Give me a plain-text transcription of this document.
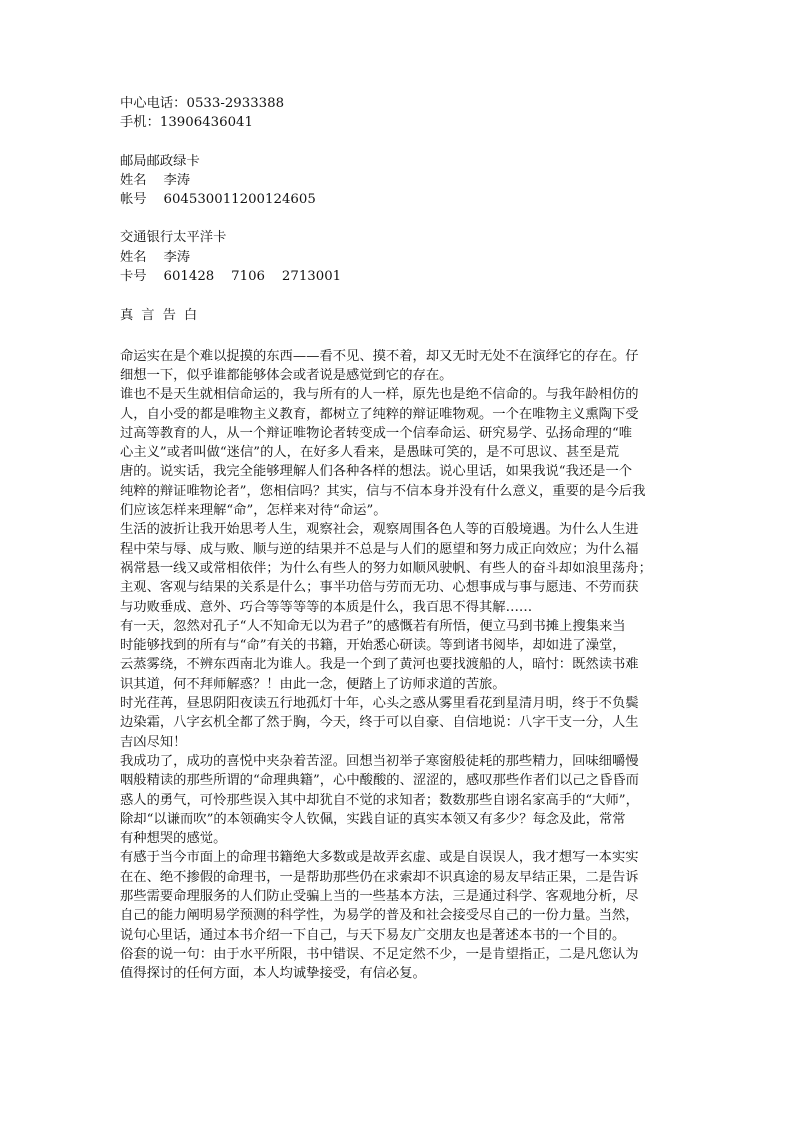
中心电话：0533-2933388
手机：13906436041
邮局邮政绿卡
姓名    李涛
帐号    604530011200124605
交通银行太平洋卡
姓名    李涛
卡号    601428    7106    2713001
真言告白
命运实在是个难以捉摸的东西——看不见、摸不着，却又无时无处不在演绎它的存在。仔
细想一下，似乎谁都能够体会或者说是感觉到它的存在。
谁也不是天生就相信命运的，我与所有的人一样，原先也是绝不信命的。与我年龄相仿的
人，自小受的都是唯物主义教育，都树立了纯粹的辩证唯物观。一个在唯物主义熏陶下受
过高等教育的人，从一个辩证唯物论者转变成一个信奉命运、研究易学、弘扬命理的“唯
心主义”或者叫做“迷信”的人，在好多人看来，是愚昧可笑的，是不可思议、甚至是荒
唐的。说实话，我完全能够理解人们各种各样的想法。说心里话，如果我说“我还是一个
纯粹的辩证唯物论者”，您相信吗？其实，信与不信本身并没有什么意义，重要的是今后我
们应该怎样来理解“命”，怎样来对待“命运”。
生活的波折让我开始思考人生，观察社会，观察周围各色人等的百般境遇。为什么人生进
程中荣与辱、成与败、顺与逆的结果并不总是与人们的愿望和努力成正向效应；为什么福
祸常悬一线又或常相依伴；为什么有些人的努力如顺风驶帆、有些人的奋斗却如浪里荡舟；
主观、客观与结果的关系是什么；事半功倍与劳而无功、心想事成与事与愿违、不劳而获
与功败垂成、意外、巧合等等等等的本质是什么，我百思不得其解……
有一天，忽然对孔子“人不知命无以为君子”的感慨若有所悟，便立马到书摊上搜集来当
时能够找到的所有与“命”有关的书籍，开始悉心研读。等到诸书阅毕，却如进了澡堂，
云蒸雾绕，不辨东西南北为谁人。我是一个到了黄河也要找渡船的人，暗忖：既然读书难
识其道，何不拜师解惑？！由此一念，便踏上了访师求道的苦旅。
时光荏苒，昼思阴阳夜读五行地孤灯十年，心头之惑从雾里看花到星清月明，终于不负鬓
边染霜，八字玄机全都了然于胸，今天，终于可以自豪、自信地说：八字干支一分，人生
吉凶尽知！
我成功了，成功的喜悦中夹杂着苦涩。回想当初举子寒窗般徒耗的那些精力，回味细嚼慢
咽般精读的那些所谓的“命理典籍”，心中酸酸的、涩涩的，感叹那些作者们以己之昏昏而
惑人的勇气，可怜那些误入其中却犹自不觉的求知者；数数那些自诩名家高手的“大师”，
除却“以谦而吹”的本领确实令人钦佩，实践自证的真实本领又有多少？每念及此，常常
有种想哭的感觉。
有感于当今市面上的命理书籍绝大多数或是故弄玄虚、或是自误误人，我才想写一本实实
在在、绝不掺假的命理书，一是帮助那些仍在求索却不识真途的易友早结正果，二是告诉
那些需要命理服务的人们防止受骗上当的一些基本方法，三是通过科学、客观地分析，尽
自己的能力阐明易学预测的科学性，为易学的普及和社会接受尽自己的一份力量。当然，
说句心里话，通过本书介绍一下自己，与天下易友广交朋友也是著述本书的一个目的。
俗套的说一句：由于水平所限，书中错误、不足定然不少，一是肯望指正，二是凡您认为
值得探讨的任何方面，本人均诚挚接受，有信必复。
